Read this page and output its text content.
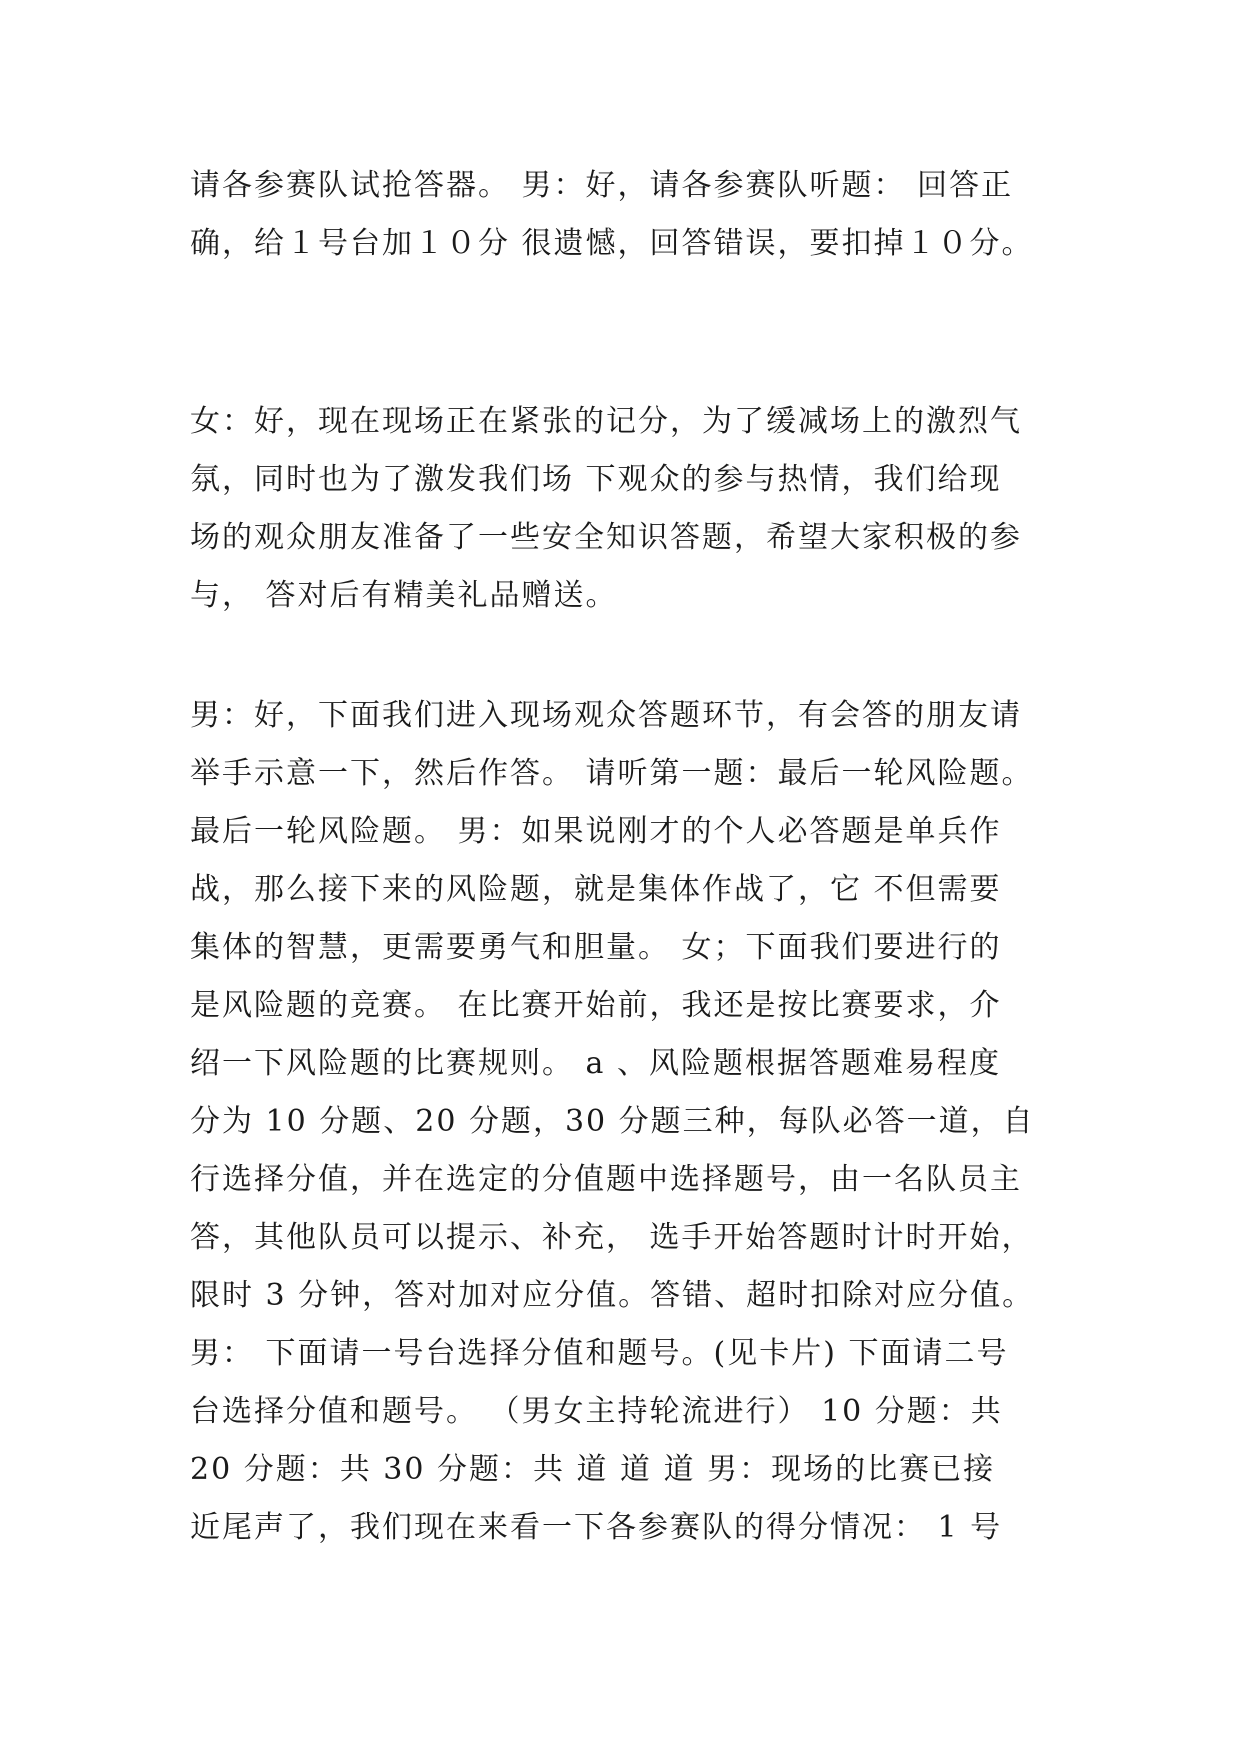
请各参赛队试抢答器。 男：好，请各参赛队听题： 回答正
确，给１号台加１０分 很遗憾，回答错误，要扣掉１０分。
女：好，现在现场正在紧张的记分，为了缓减场上的激烈气
氛，同时也为了激发我们场 下观众的参与热情，我们给现
场的观众朋友准备了一些安全知识答题，希望大家积极的参
与， 答对后有精美礼品赠送。
男：好，下面我们进入现场观众答题环节，有会答的朋友请
举手示意一下，然后作答。 请听第一题：最后一轮风险题。
最后一轮风险题。 男：如果说刚才的个人必答题是单兵作
战，那么接下来的风险题，就是集体作战了，它 不但需要
集体的智慧，更需要勇气和胆量。 女；下面我们要进行的
是风险题的竞赛。 在比赛开始前，我还是按比赛要求，介
绍一下风险题的比赛规则。 a 、风险题根据答题难易程度
分为 10 分题、20 分题，30 分题三种，每队必答一道，自
行选择分值，并在选定的分值题中选择题号，由一名队员主
答，其他队员可以提示、补充， 选手开始答题时计时开始，
限时 3 分钟，答对加对应分值。答错、超时扣除对应分值。
男： 下面请一号台选择分值和题号。(见卡片) 下面请二号
台选择分值和题号。 （男女主持轮流进行） 10 分题：共
20 分题：共 30 分题：共 道 道 道 男：现场的比赛已接
近尾声了，我们现在来看一下各参赛队的得分情况： 1 号
